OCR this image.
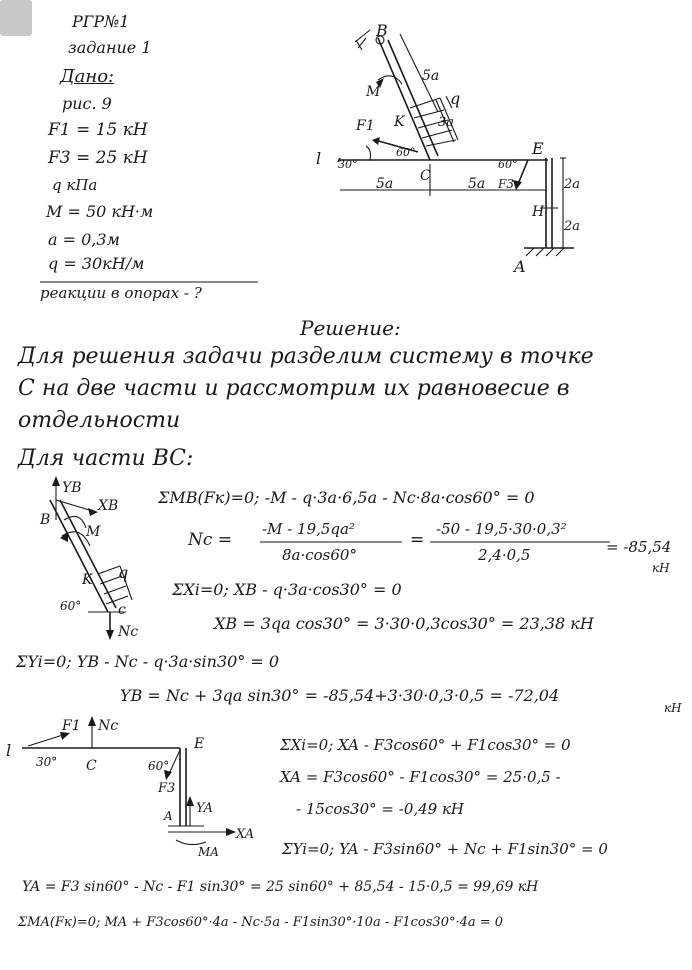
РГР№1
задание 1
Дано:
рис. 9
F1 = 15 кН
F3 = 25 кН
q кПа
M = 50 кН·м
a = 0,3м
q = 30кН/м
реакции в опорах - ?
B
5a
M	q
3a
K
F1
60°
30°
l
E
60°
F3
C
5a	5a	2a
H
2a
A
YB
XB
B
M
K q
60°	c
Nc
F1 Nc
E
30° C	60°
F3
YA
A
XA
MA
l
Решение:
Для решения задачи разделим систему в точке
С на две части и рассмотрим их равновесие в
отдельности
Для части BC:
ΣMB(Fк)=0; -M - q·3a·6,5a - Nc·8a·cos60° = 0
Nc =
-M - 19,5qa²
8a·cos60°
=
-50 - 19,5·30·0,3²
2,4·0,5	= -85,54
кН
ΣXi=0; XB - q·3a·cos30° = 0
XB = 3qa cos30° = 3·30·0,3cos30° = 23,38 кН
ΣYi=0; YB - Nc - q·3a·sin30° = 0
YB = Nc + 3qa sin30° = -85,54+3·30·0,3·0,5 = -72,04
кН
ΣXi=0; XA - F3cos60° + F1cos30° = 0
XA = F3cos60° - F1cos30° = 25·0,5 -
- 15cos30° = -0,49 кН
ΣYi=0; YA - F3sin60° + Nc + F1sin30° = 0
YA = F3 sin60° - Nc - F1 sin30° = 25 sin60° + 85,54 - 15·0,5 = 99,69 кН
ΣMA(Fк)=0; MA + F3cos60°·4a - Nc·5a - F1sin30°·10a - F1cos30°·4a = 0
